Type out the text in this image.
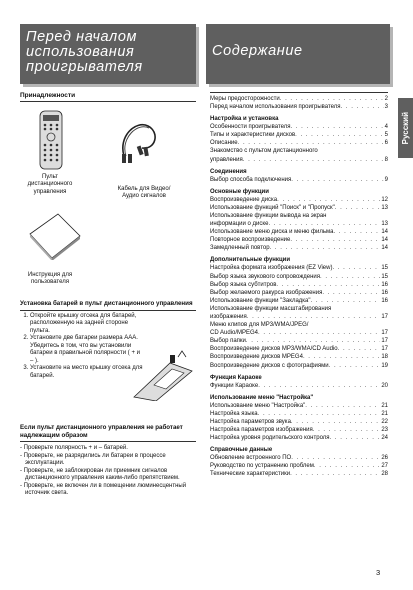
Перед началом
использования
проигрывателя
Содержание
Русский
Принадлежности
Пульт дистанционного управления	Кабель для Видео/Аудио сигналов
Инструкция для пользователя
Установка батарей в пульт дистанционного управления
1. Откройте крышку отсека для батарей, расположенную на задней стороне пульта.
2. Установите две батареи размера AAA. Убедитесь в том, что вы установили батареи в правильной полярности ( + и – ).
3. Установите на место крышку отсека для батарей.
Если пульт дистанционного управления не работает надлежащим образом
- Проверьте полярность + и – батарей.
- Проверьте, не разрядились ли батареи в процессе эксплуатации.
- Проверьте, не заблокирован ли приемник сигналов дистанционного управления каким-либо препятствием.
- Проверьте, не включен ли в помещении люминесцентный источник света.
Меры предосторожности . . .	2
Перед началом использования проигрывателя . . .	3
Настройка и установка
Особенности проигрывателя . . .	4
Типы и характеристики дисков . . .	5
Описание . . .	6
Знакомство с пультом дистанционного
управления . . .	8
Соединения
Выбор способа подключения . . .	9
Основные функции
Воспроизведение диска . . .	12
Использование функций "Поиск" и "Пропуск" . . .	13
Использование функции вывода на экран
информации о диске . . .	13
Использование меню диска и меню фильма . . .	14
Повторное воспроизведение . . .	14
Замедленный повтор . . .	14
Дополнительные функции
Настройка формата изображения (EZ View) . . .	15
Выбор языка звукового сопровождения . . .	15
Выбор языка субтитров . . .	16
Выбор желаемого ракурса изображения . . .	16
Использование функции "Закладка" . . .	16
Использование функции масштабирования
изображения . . .	17
Меню клипов для MP3/WMA/JPEG/
CD Audio/MPEG4 . . .	17
Выбор папки . . .	17
Воспроизведение дисков MP3/WMA/CD Audio . . .	17
Воспроизведение дисков MPEG4 . . .	18
Воспроизведение дисков с фотографиями . . .	19
Функция Караоке
Функции Караоке . . .	20
Использование меню "Настройка"
Использование меню "Настройка" . . .	21
Настройка языка . . .	21
Настройка параметров звука . . .	22
Настройка параметров изображения . . .	23
Настройка уровня родительского контроля . . .	24
Справочные данные
Обновление встроенного ПО . . .	26
Руководство по устранению проблем . . .	27
Технические характеристики . . .	28
3
